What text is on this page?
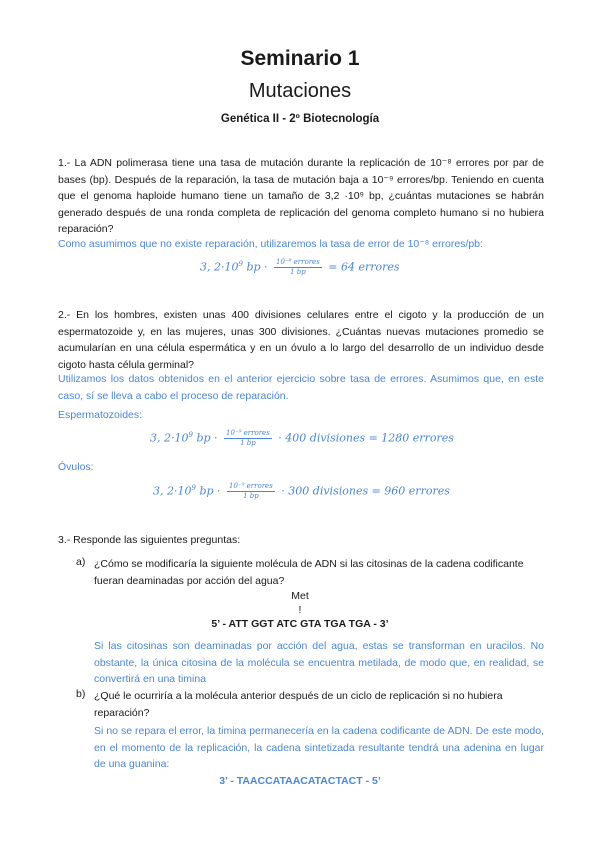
Seminario 1
Mutaciones
Genética II - 2º Biotecnología
1.- La ADN polimerasa tiene una tasa de mutación durante la replicación de 10⁻⁸ errores por par de bases (bp). Después de la reparación, la tasa de mutación baja a 10⁻⁹ errores/bp. Teniendo en cuenta que el genoma haploide humano tiene un tamaño de 3,2 ·10⁹ bp, ¿cuántas mutaciones se habrán generado después de una ronda completa de replicación del genoma completo humano si no hubiera reparación?
Como asumimos que no existe reparación, utilizaremos la tasa de error de 10⁻⁸ errores/pb:
3, $2\cdot 10^9$ bp · $\frac{\text{10⁻⁸ errores}}{1 bp} = 64$ errores
2.- En los hombres, existen unas 400 divisiones celulares entre el cigoto y la producción de un espermatozoide y, en las mujeres, unas 300 divisiones. ¿Cuántas nuevas mutaciones promedio se acumularían en una célula espermática y en un óvulo a lo largo del desarrollo de un individuo desde cigoto hasta célula germinal?
Utilizamos los datos obtenidos en el anterior ejercicio sobre tasa de errores. Asumimos que, en este caso, sí se lleva a cabo el proceso de reparación.
Espermatozoides:
3, $2\cdot 10^9$ bp · $\frac{\text{10⁻⁹ errores}}{1 bp} \cdot 400$ divisiones = 1280 errores
Óvulos:
3, $2\cdot 10^9$ bp · $\frac{\text{10⁻⁹ errores}}{1 bp} \cdot 300$ divisiones = 960 errores
3.- Responde las siguientes preguntas:
a) ¿Cómo se modificaría la siguiente molécula de ADN si las citosinas de la cadena codificante fueran deaminadas por acción del agua?
Met
!
5’ - ATT GGT ATC GTA TGA TGA - 3’
Si las citosinas son deaminadas por acción del agua, estas se transforman en uracilos. No obstante, la única citosina de la molécula se encuentra metilada, de modo que, en realidad, se convertirá en una timina
b) ¿Qué le ocurriría a la molécula anterior después de un ciclo de replicación si no hubiera reparación?
Si no se repara el error, la timina permanecería en la cadena codificante de ADN. De este modo, en el momento de la replicación, la cadena sintetizada resultante tendrá una adenina en lugar de una guanina:
3’ - TAACCATAACATACTACT - 5’
